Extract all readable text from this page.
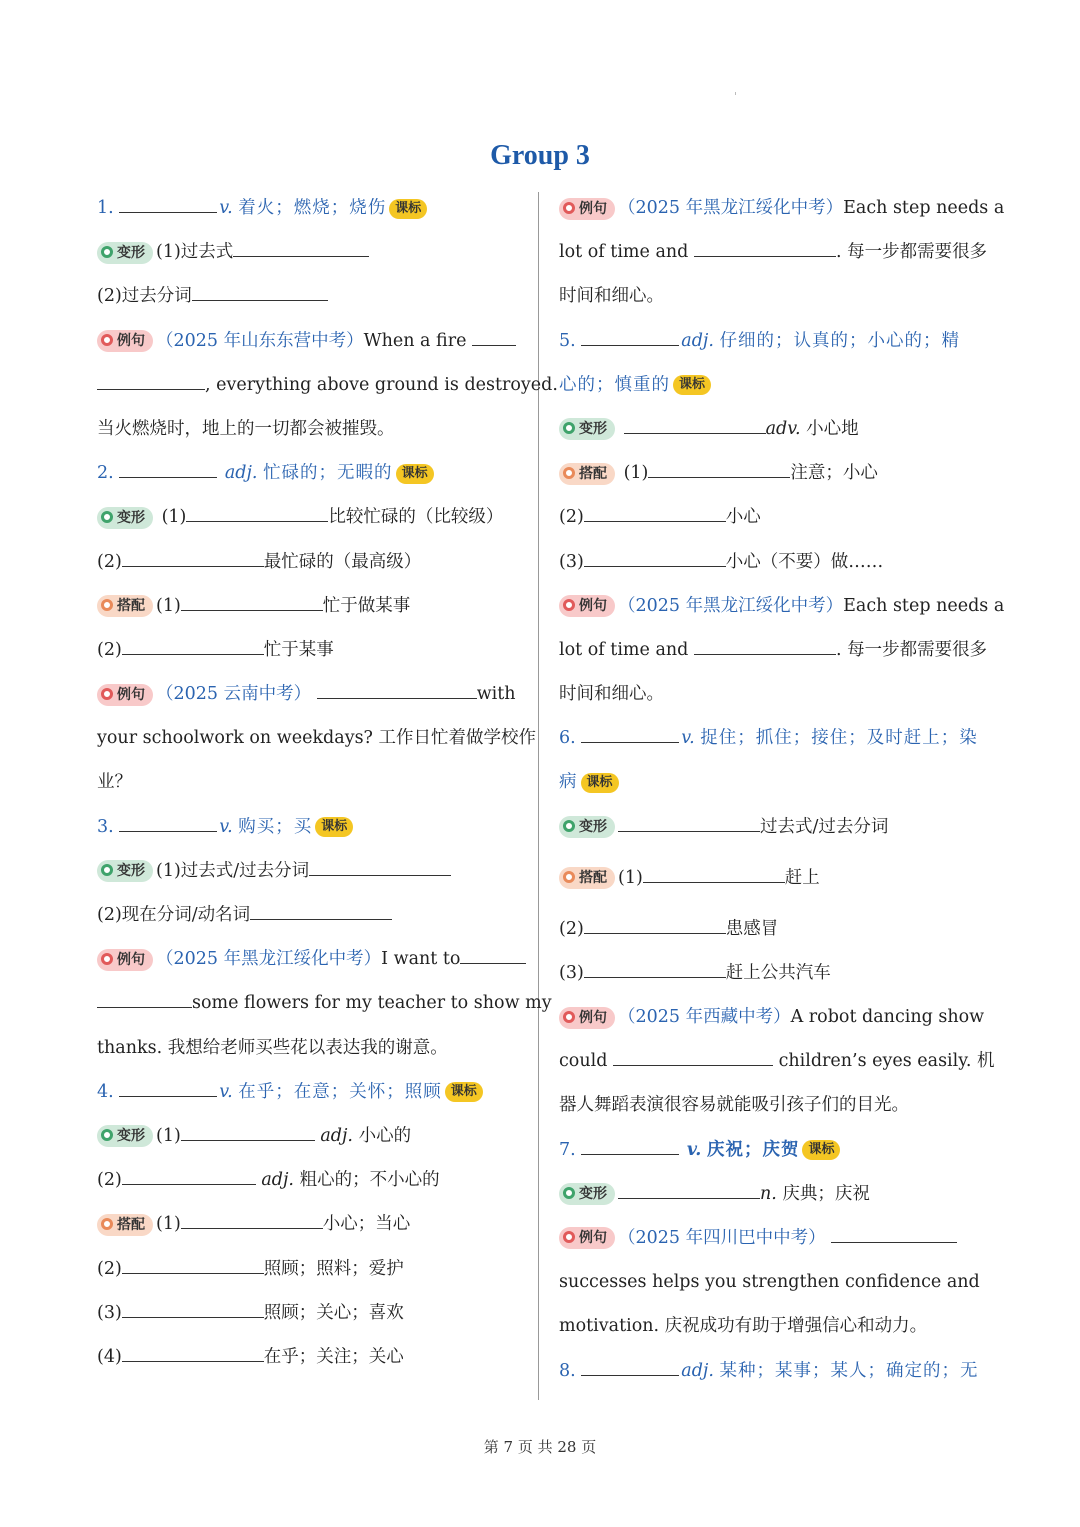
Group 3
1.	v. 着火；燃烧；烧伤 课标
变形 (1)过去式
(2)过去分词
例句 （2025 年山东东营中考）When a fire
, everything above ground is destroyed.
当火燃烧时，地上的一切都会被摧毁。
2.	adj. 忙碌的；无暇的 课标
变形 (1)	比较忙碌的（比较级）
(2)	最忙碌的（最高级）
搭配 (1)	忙于做某事
(2)	忙于某事
例句 （2025 云南中考）	with
your schoolwork on weekdays? 工作日忙着做学校作
业？
3.	v. 购买；买 课标
变形 (1)过去式/过去分词
(2)现在分词/动名词
例句 （2025 年黑龙江绥化中考）I want to
some flowers for my teacher to show my
thanks. 我想给老师买些花以表达我的谢意。
4.	v. 在乎；在意；关怀；照顾 课标
变形 (1)	adj. 小心的
(2)	adj. 粗心的；不小心的
搭配 (1)	小心；当心
(2)	照顾；照料；爱护
(3)	照顾；关心；喜欢
(4)	在乎；关注；关心
例句 （2025 年黑龙江绥化中考）Each step needs a
lot of time and	. 每一步都需要很多
时间和细心。
5.	adj. 仔细的；认真的；小心的；精
心的；慎重的 课标
变形	adv. 小心地
搭配 (1)	注意；小心
(2)	小心
(3)	小心（不要）做……
例句 （2025 年黑龙江绥化中考）Each step needs a
lot of time and	. 每一步都需要很多
时间和细心。
6.	v. 捉住；抓住；接住；及时赶上；染
病 课标
变形	过去式/过去分词
搭配 (1)	赶上
(2)	患感冒
(3)	赶上公共汽车
例句 （2025 年西藏中考）A robot dancing show
could	children’s eyes easily. 机
器人舞蹈表演很容易就能吸引孩子们的目光。
7.	v. 庆祝；庆贺 课标
变形	n. 庆典；庆祝
例句 （2025 年四川巴中中考）
successes helps you strengthen confidence and
motivation. 庆祝成功有助于增强信心和动力。
8.	adj. 某种；某事；某人；确定的；无
第 7 页 共 28 页
